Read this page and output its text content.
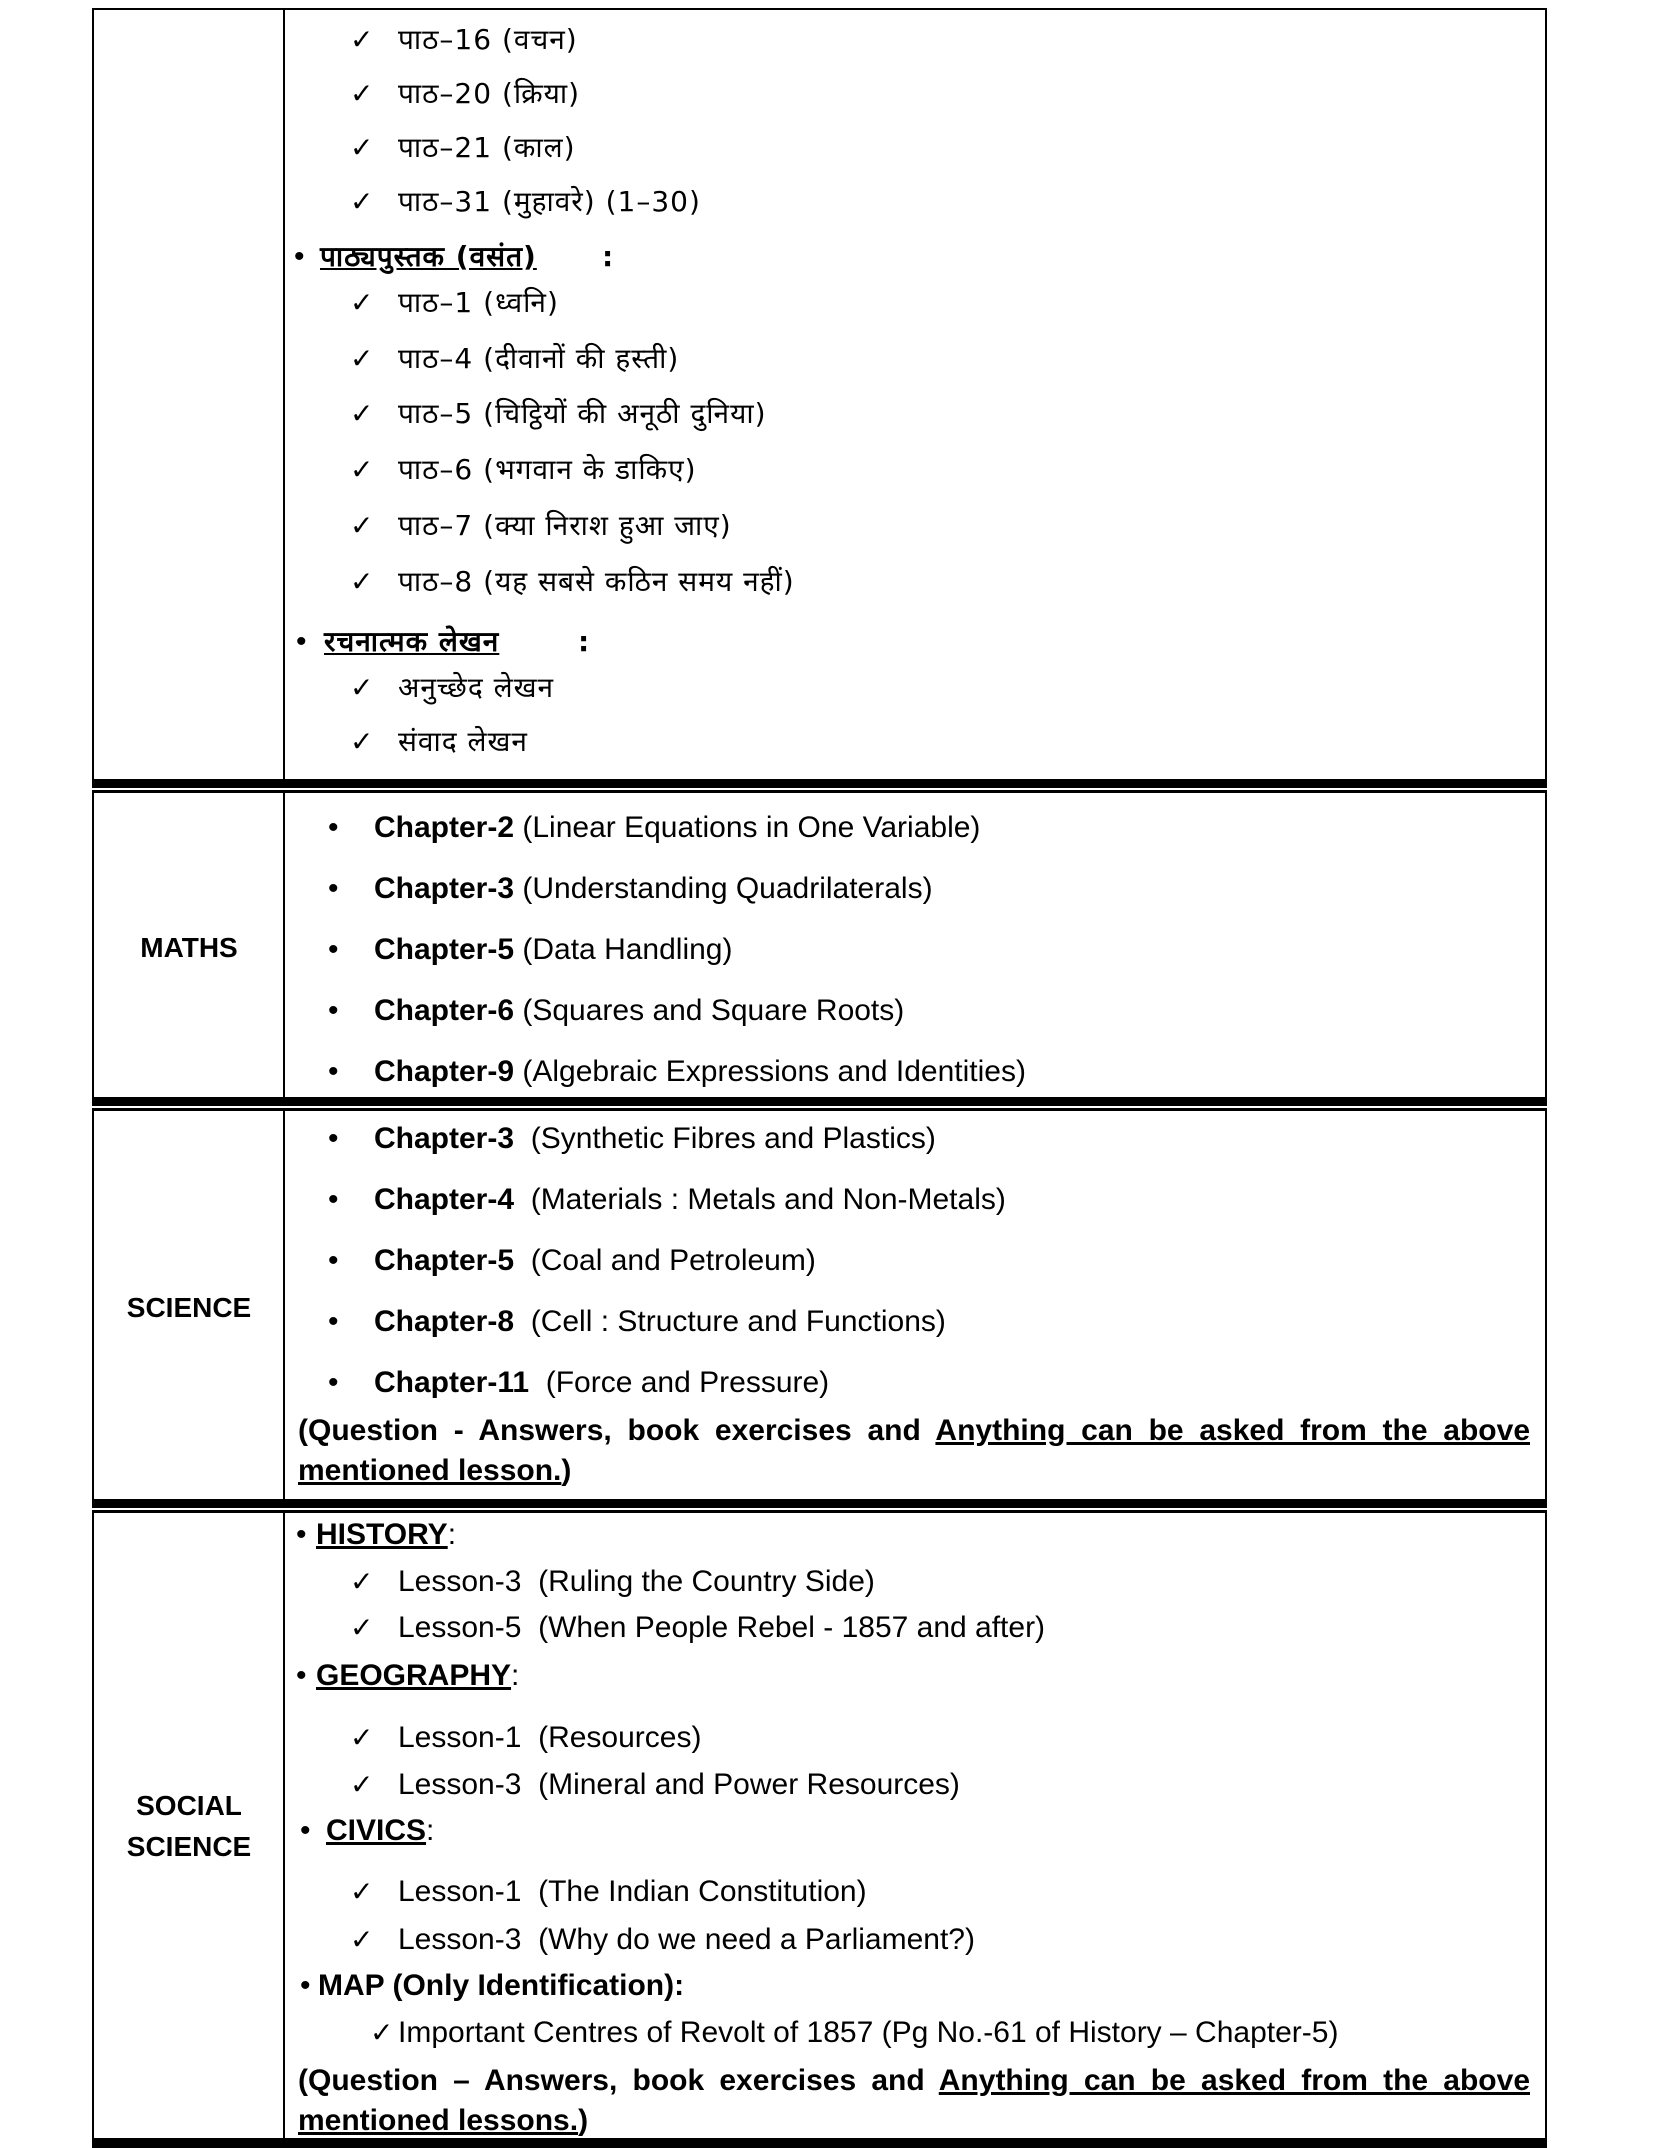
✓ पाठ–16 (वचन)
✓ पाठ–20 (क्रिया)
✓ पाठ–21 (काल)
✓ पाठ–31 (मुहावरे) (1–30)
• पाठ्यपुस्तक (वसंत) :
✓ पाठ–1 (ध्वनि)
✓ पाठ–4 (दीवानों की हस्ती)
✓ पाठ–5 (चिट्ठियों की अनूठी दुनिया)
✓ पाठ–6 (भगवान के डाकिए)
✓ पाठ–7 (क्या निराश हुआ जाए)
✓ पाठ–8 (यह सबसे कठिन समय नहीं)
• रचनात्मक लेखन	:
✓ अनुच्छेद लेखन
✓ संवाद लेखन
MATHS
• Chapter-2 (Linear Equations in One Variable)
• Chapter-3 (Understanding Quadrilaterals)
• Chapter-5 (Data Handling)
• Chapter-6 (Squares and Square Roots)
• Chapter-9 (Algebraic Expressions and Identities)
SCIENCE
• Chapter-3 (Synthetic Fibres and Plastics)
• Chapter-4 (Materials : Metals and Non-Metals)
• Chapter-5 (Coal and Petroleum)
• Chapter-8 (Cell : Structure and Functions)
• Chapter-11 (Force and Pressure)
(Question - Answers, book exercises and Anything can be asked from the above mentioned lesson.)
SOCIAL
SCIENCE
• HISTORY:
✓ Lesson-3  (Ruling the Country Side)
✓ Lesson-5  (When People Rebel - 1857 and after)
• GEOGRAPHY:
✓ Lesson-1  (Resources)
✓ Lesson-3  (Mineral and Power Resources)
• CIVICS:
✓ Lesson-1  (The Indian Constitution)
✓ Lesson-3  (Why do we need a Parliament?)
• MAP (Only Identification):
✓ Important Centres of Revolt of 1857 (Pg No.-61 of History – Chapter-5)
(Question – Answers, book exercises and Anything can be asked from the above mentioned lessons.)
